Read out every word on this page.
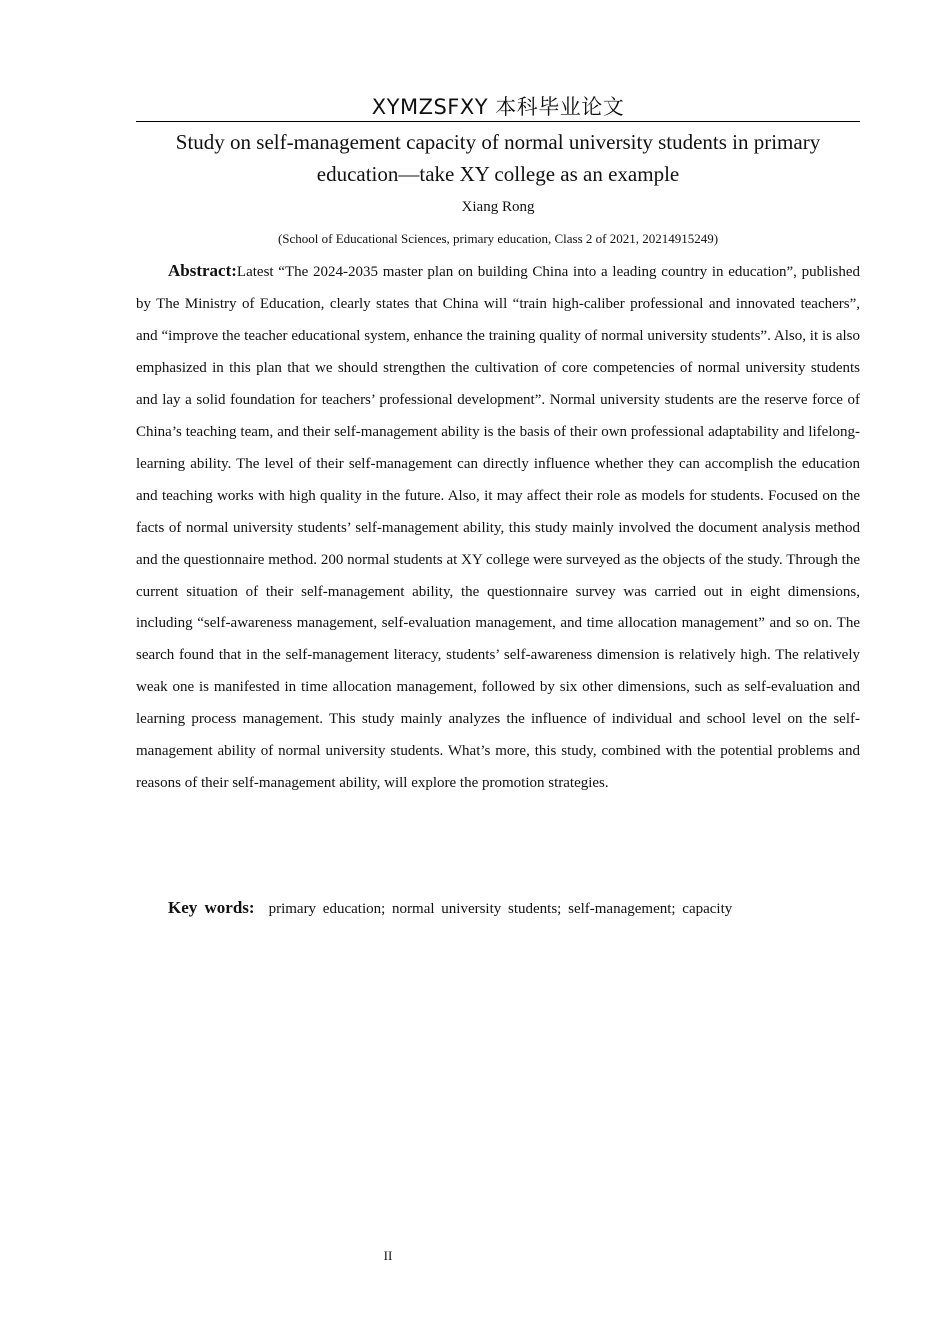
XYMZSFXY 本科毕业论文
Study on self-management capacity of normal university students in primary education—take XY college as an example
Xiang Rong
(School of Educational Sciences, primary education, Class 2 of 2021, 20214915249)

Abstract:Latest “The 2024-2035 master plan on building China into a leading country in education”, published by The Ministry of Education, clearly states that China will “train high-caliber professional and innovated teachers”, and “improve the teacher educational system, enhance the training quality of normal university students”. Also, it is also emphasized in this plan that we should strengthen the cultivation of core competencies of normal university students and lay a solid foundation for teachers’ professional development”. Normal university students are the reserve force of China’s teaching team, and their self-management ability is the basis of their own professional adaptability and lifelong-learning ability. The level of their self-management can directly influence whether they can accomplish the education and teaching works with high quality in the future. Also, it may affect their role as models for students. Focused on the facts of normal university students’ self-management ability, this study mainly involved the document analysis method and the questionnaire method. 200 normal students at XY college were surveyed as the objects of the study. Through the current situation of their self-management ability, the questionnaire survey was carried out in eight dimensions, including “self-awareness management, self-evaluation management, and time allocation management” and so on. The search found that in the self-management literacy, students’ self-awareness dimension is relatively high. The relatively weak one is manifested in time allocation management, followed by six other dimensions, such as self-evaluation and learning process management. This study mainly analyzes the influence of individual and school level on the self-management ability of normal university students. What’s more, this study, combined with the potential problems and reasons of their self-management ability, will explore the promotion strategies.

Key words: primary education; normal university students; self-management; capacity
II
